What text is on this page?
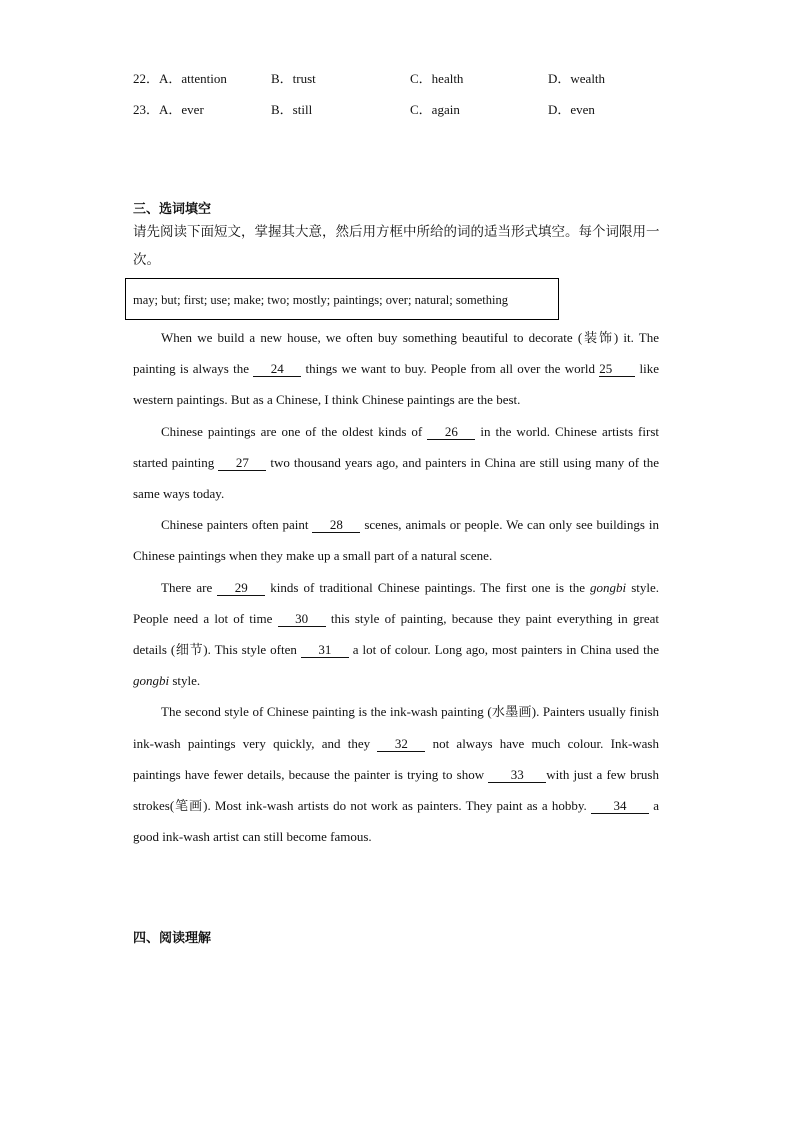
22．A．attention	B．trust	C．health	D．wealth
23．A．ever	B．still	C．again	D．even
三、选词填空
请先阅读下面短文，掌握其大意，然后用方框中所给的词的适当形式填空。每个词限用一次。
may; but; first; use; make; two; mostly; paintings; over; natural; something

When we build a new house, we often buy something beautiful to decorate (装饰) it. The painting is always the 24 things we want to buy. People from all over the world 25 like western paintings. But as a Chinese, I think Chinese paintings are the best.

Chinese paintings are one of the oldest kinds of 26 in the world. Chinese artists first started painting 27 two thousand years ago, and painters in China are still using many of the same ways today.

Chinese painters often paint 28 scenes, animals or people. We can only see buildings in Chinese paintings when they make up a small part of a natural scene.

There are 29 kinds of traditional Chinese paintings. The first one is the gongbi style. People need a lot of time 30 this style of painting, because they paint everything in great details (细节). This style often 31 a lot of colour. Long ago, most painters in China used the gongbi style.

The second style of Chinese painting is the ink-wash painting (水墨画). Painters usually finish ink-wash paintings very quickly, and they 32 not always have much colour. Ink-wash paintings have fewer details, because the painter is trying to show 33 with just a few brush strokes(笔画). Most ink-wash artists do not work as painters. They paint as a hobby. 34 a good ink-wash artist can still become famous.

四、阅读理解
